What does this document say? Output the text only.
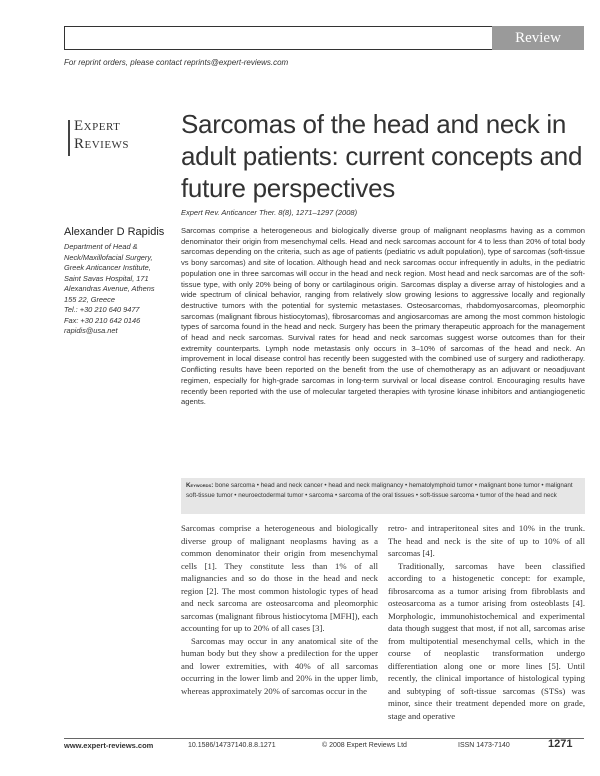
Review
For reprint orders, please contact reprints@expert-reviews.com
Expert
Reviews
Sarcomas of the head and neck in adult patients: current concepts and future perspectives
Expert Rev. Anticancer Ther. 8(8), 1271–1297 (2008)
Alexander D Rapidis
Department of Head &
Neck/Maxillofacial Surgery,
Greek Anticancer Institute,
Saint Savas Hospital, 171
Alexandras Avenue, Athens
155 22, Greece
Tel.: +30 210 640 9477
Fax: +30 210 642 0146
rapidis@usa.net
Sarcomas comprise a heterogeneous and biologically diverse group of malignant neoplasms having as a common denominator their origin from mesenchymal cells. Head and neck sarcomas account for 4 to less than 20% of total body sarcomas depending on the criteria, such as age of patients (pediatric vs adult population), type of sarcomas (soft-tissue vs bony sarcomas) and site of location. Although head and neck sarcomas occur infrequently in adults, in the pediatric population one in three sarcomas will occur in the head and neck region. Most head and neck sarcomas are of the soft-tissue type, with only 20% being of bony or cartilaginous origin. Sarcomas display a diverse array of histologies and a wide spectrum of clinical behavior, ranging from relatively slow growing lesions to aggressive locally and regionally destructive tumors with the potential for systemic metastases. Osteosarcomas, rhabdomyosarcomas, pleomorphic sarcomas (malignant fibrous histiocytomas), fibrosarcomas and angiosarcomas are among the most common histologic types of sarcoma found in the head and neck. Surgery has been the primary therapeutic approach for the management of head and neck sarcomas. Survival rates for head and neck sarcomas suggest worse outcomes than for their extremity counterparts. Lymph node metastasis only occurs in 3–10% of sarcomas of the head and neck. An improvement in local disease control has recently been suggested with the combined use of surgery and radiotherapy. Conflicting results have been reported on the benefit from the use of chemotherapy as an adjuvant or neoadjuvant regimen, especially for high-grade sarcomas in long-term survival or local disease control. Encouraging results have recently been reported with the use of molecular targeted therapies with tyrosine kinase inhibitors and antiangiogenetic agents.
Keywords: bone sarcoma • head and neck cancer • head and neck malignancy • hematolymphoid tumor • malignant bone tumor • malignant soft-tissue tumor • neuroectodermal tumor • sarcoma • sarcoma of the oral tissues • soft-tissue sarcoma • tumor of the head and neck

Sarcomas comprise a heterogeneous and biologically diverse group of malignant neoplasms having as a common denominator their origin from mesenchymal cells [1]. They constitute less than 1% of all malignancies and so do those in the head and neck region [2]. The most common histologic types of head and neck sarcoma are osteosarcoma and pleomorphic sarcomas (malignant fibrous histiocytoma [MFH]), each accounting for up to 20% of all cases [3].

Sarcomas may occur in any anatomical site of the human body but they show a predilection for the upper and lower extremities, with 40% of all sarcomas occurring in the lower limb and 20% in the upper limb, whereas approximately 20% of sarcomas occur in the

retro- and intraperitoneal sites and 10% in the trunk. The head and neck is the site of up to 10% of all sarcomas [4].

Traditionally, sarcomas have been classified according to a histogenetic concept: for example, fibrosarcoma as a tumor arising from fibroblasts and osteosarcoma as a tumor arising from osteoblasts [4]. Morphologic, immunohistochemical and experimental data though suggest that most, if not all, sarcomas arise from multipotential mesenchymal cells, which in the course of neoplastic transformation undergo differentiation along one or more lines [5]. Until recently, the clinical importance of histological typing and subtyping of soft-tissue sarcomas (STSs) was minor, since their treatment depended more on grade, stage and operative

www.expert-reviews.com	10.1586/14737140.8.8.1271	© 2008 Expert Reviews Ltd	ISSN 1473-7140	1271
